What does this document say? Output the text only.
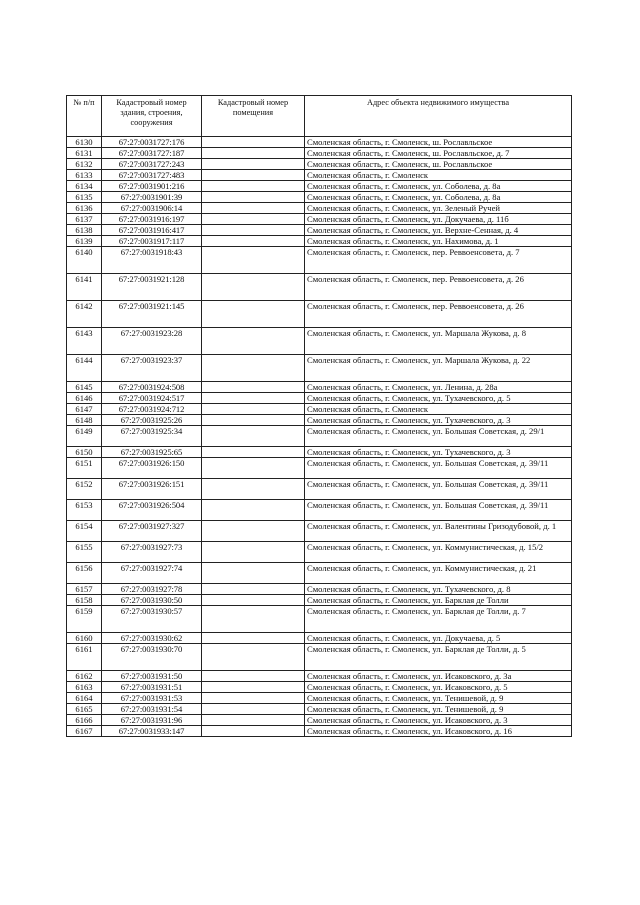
№ п/п	Кадастровый номер здания, строения, сооружения	Кадастровый номер помещения	Адрес объекта недвижимого имущества
6130	67:27:0031727:176		Смоленская область, г. Смоленск, ш. Рославльское
6131	67:27:0031727:187		Смоленская область, г. Смоленск, ш. Рославльское, д. 7
6132	67:27:0031727:243		Смоленская область, г. Смоленск, ш. Рославльское
6133	67:27:0031727:483		Смоленская область, г. Смоленск
6134	67:27:0031901:216		Смоленская область, г. Смоленск, ул. Соболева, д. 8а
6135	67:27:0031901:39		Смоленская область, г. Смоленск, ул. Соболева, д. 8а
6136	67:27:0031906:14		Смоленская область, г. Смоленск, ул. Зеленый Ручей
6137	67:27:0031916:197		Смоленская область, г. Смоленск, ул. Докучаева, д. 11б
6138	67:27:0031916:417		Смоленская область, г. Смоленск, ул. Верхне-Сенная, д. 4
6139	67:27:0031917:117		Смоленская область, г. Смоленск, ул. Нахимова, д. 1
6140	67:27:0031918:43		Смоленская область, г. Смоленск, пер. Реввоенсовета, д. 7
6141	67:27:0031921:128		Смоленская область, г. Смоленск, пер. Реввоенсовета, д. 26
6142	67:27:0031921:145		Смоленская область, г. Смоленск, пер. Реввоенсовета, д. 26
6143	67:27:0031923:28		Смоленская область, г. Смоленск, ул. Маршала Жукова, д. 8
6144	67:27:0031923:37		Смоленская область, г. Смоленск, ул. Маршала Жукова, д. 22
6145	67:27:0031924:508		Смоленская область, г. Смоленск, ул. Ленина, д. 28а
6146	67:27:0031924:517		Смоленская область, г. Смоленск, ул. Тухачевского, д. 5
6147	67:27:0031924:712		Смоленская область, г. Смоленск
6148	67:27:0031925:26		Смоленская область, г. Смоленск, ул. Тухачевского, д. 3
6149	67:27:0031925:34		Смоленская область, г. Смоленск, ул. Большая Советская, д. 29/1
6150	67:27:0031925:65		Смоленская область, г. Смоленск, ул. Тухачевского, д. 3
6151	67:27:0031926:150		Смоленская область, г. Смоленск, ул. Большая Советская, д. 39/11
6152	67:27:0031926:151		Смоленская область, г. Смоленск, ул. Большая Советская, д. 39/11
6153	67:27:0031926:504		Смоленская область, г. Смоленск, ул. Большая Советская, д. 39/11
6154	67:27:0031927:327		Смоленская область, г. Смоленск, ул. Валентины Гризодубовой, д. 1
6155	67:27:0031927:73		Смоленская область, г. Смоленск, ул. Коммунистическая, д. 15/2
6156	67:27:0031927:74		Смоленская область, г. Смоленск, ул. Коммунистическая, д. 21
6157	67:27:0031927:78		Смоленская область, г. Смоленск, ул. Тухачевского, д. 8
6158	67:27:0031930:50		Смоленская область, г. Смоленск, ул. Барклая де Толли
6159	67:27:0031930:57		Смоленская область, г. Смоленск, ул. Барклая де Толли, д. 7
6160	67:27:0031930:62		Смоленская область, г. Смоленск, ул. Докучаева, д. 5
6161	67:27:0031930:70		Смоленская область, г. Смоленск, ул. Барклая де Толли, д. 5
6162	67:27:0031931:50		Смоленская область, г. Смоленск, ул. Исаковского, д. 3а
6163	67:27:0031931:51		Смоленская область, г. Смоленск, ул. Исаковского, д. 5
6164	67:27:0031931:53		Смоленская область, г. Смоленск, ул. Тенишевой, д. 9
6165	67:27:0031931:54		Смоленская область, г. Смоленск, ул. Тенишевой, д. 9
6166	67:27:0031931:96		Смоленская область, г. Смоленск, ул. Исаковского, д. 3
6167	67:27:0031933:147		Смоленская область, г. Смоленск, ул. Исаковского, д. 16
